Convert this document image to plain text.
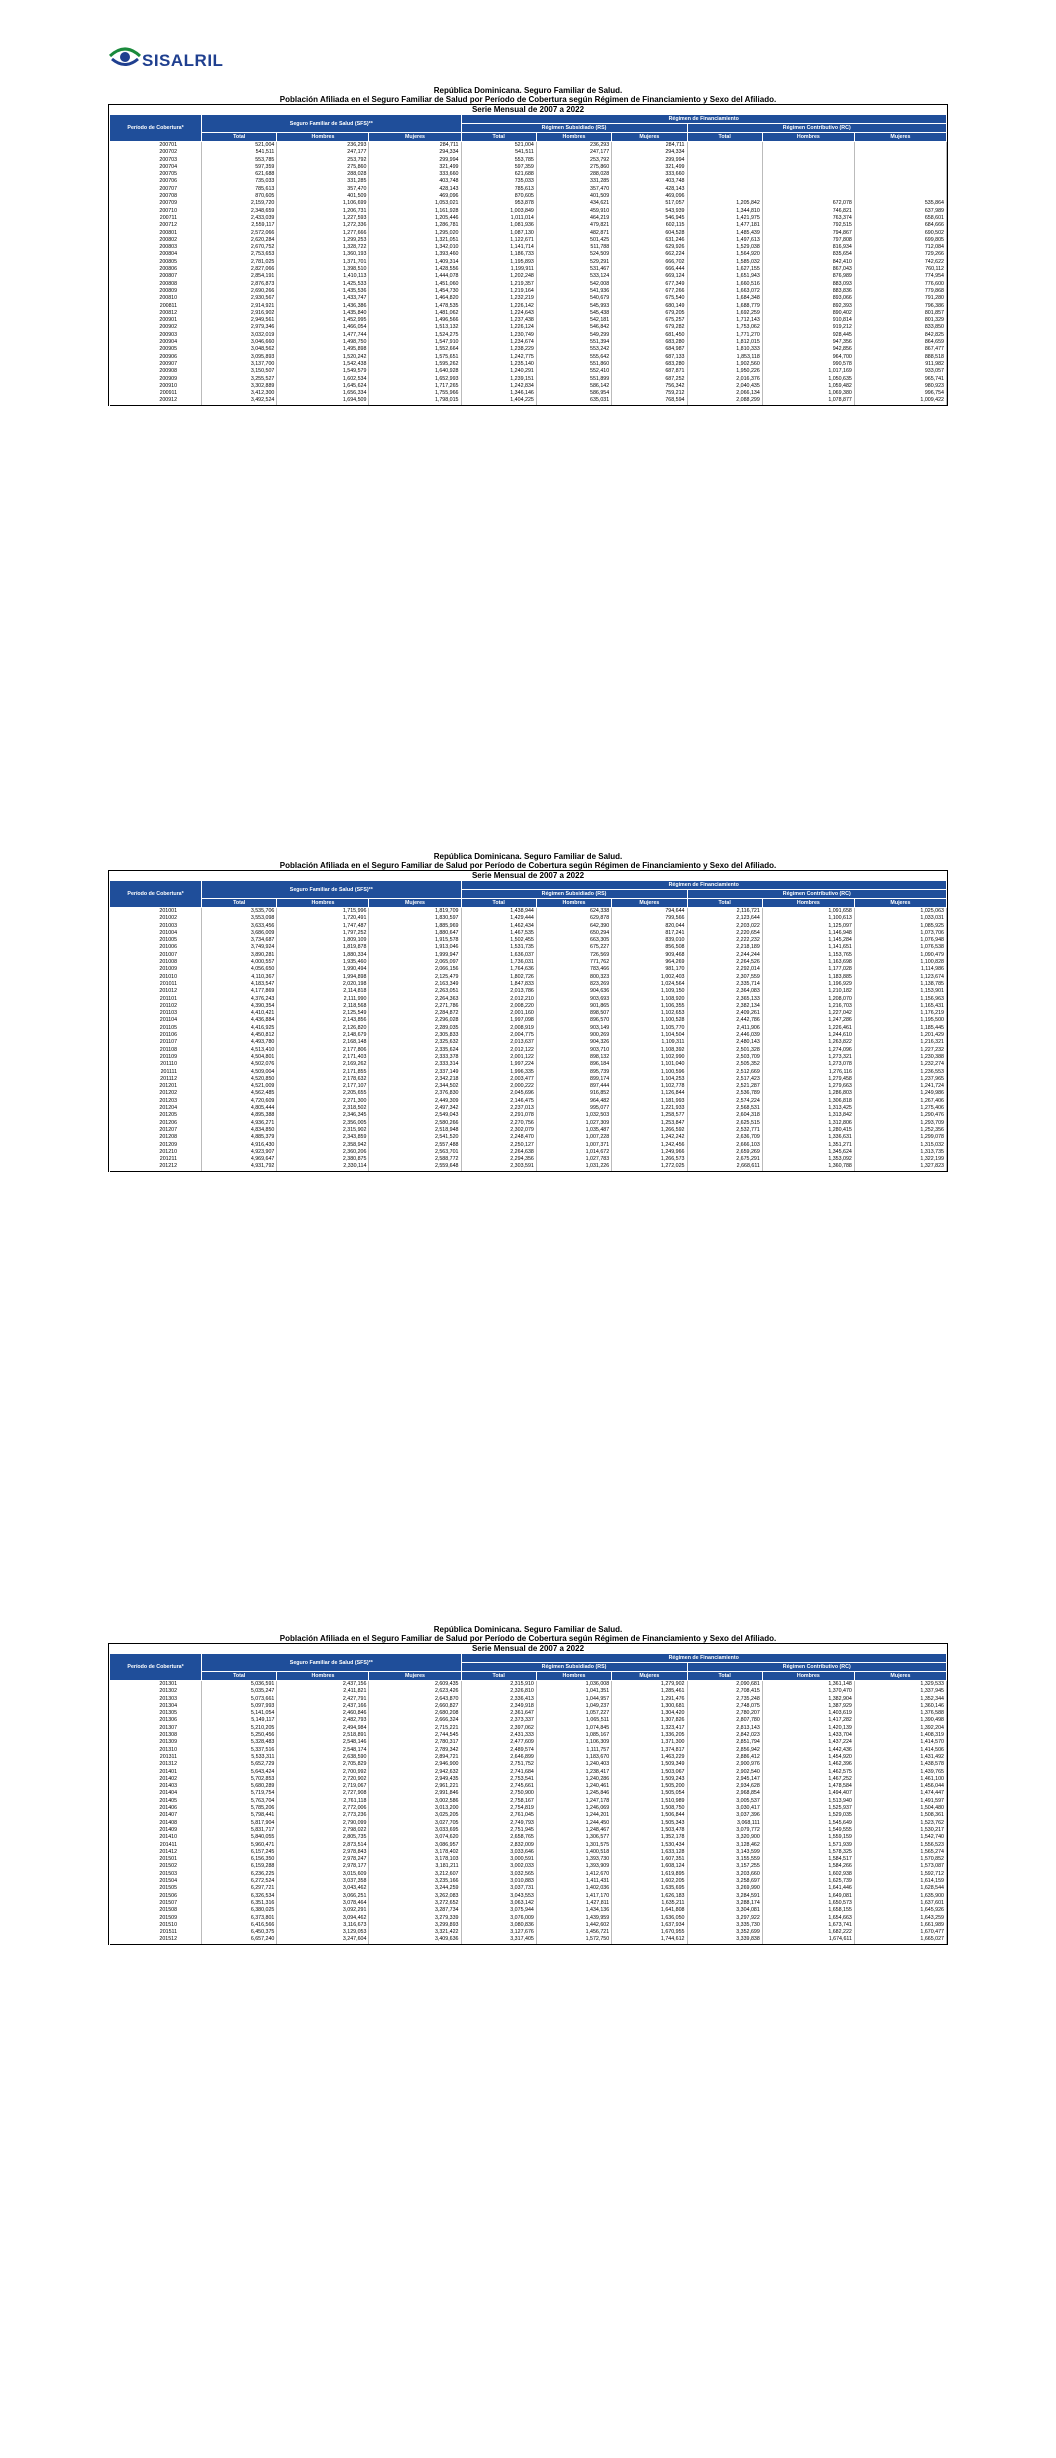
SISALRIL
República Dominicana. Seguro Familiar de Salud.
Población Afiliada en el Seguro Familiar de Salud por Período de Cobertura según Régimen de Financiamiento y Sexo del Afiliado.
Serie Mensual de 2007 a 2022
Período de Cobertura*	Seguro Familiar de Salud (SFS)**			Régimen de Financiamiento					
				Régimen Subsidiado (RS)			Régimen Contributivo (RC)		
	Total	Hombres	Mujeres	Total	Hombres	Mujeres	Total	Hombres	Mujeres
200701	521,004	236,293	284,711	521,004	236,293	284,711			
200702	541,511	247,177	294,334	541,511	247,177	294,334			
200703	553,785	253,792	299,994	553,785	253,792	299,994			
200704	597,359	275,860	321,499	597,359	275,860	321,499			
200705	621,688	288,028	333,660	621,688	288,028	333,660			
200706	735,033	331,285	403,748	735,033	331,285	403,748			
200707	785,613	357,470	428,143	785,613	357,470	428,143			
200708	870,605	401,509	469,096	870,605	401,509	469,096			
200709	2,159,720	1,106,699	1,053,021	953,878	434,621	517,057	1,205,842	672,078	535,864
200710	2,348,659	1,206,731	1,161,928	1,003,849	459,910	543,939	1,344,810	746,821	637,989
200711	2,433,039	1,227,593	1,205,446	1,011,014	464,219	546,945	1,421,975	763,374	658,601
200712	2,559,117	1,272,336	1,286,781	1,081,936	479,821	602,115	1,477,181	792,515	684,666
200801	2,572,066	1,277,666	1,295,020	1,087,130	482,871	604,528	1,485,439	794,867	690,502
200802	2,620,284	1,299,253	1,321,051	1,122,671	501,425	631,246	1,497,613	797,808	699,805
200803	2,670,752	1,328,722	1,342,010	1,141,714	511,788	629,926	1,529,038	816,934	712,084
200804	2,753,653	1,360,193	1,393,460	1,186,733	524,509	662,224	1,564,920	835,654	729,266
200805	2,781,025	1,371,701	1,409,314	1,195,893	529,291	666,702	1,585,032	842,410	742,622
200806	2,827,066	1,398,510	1,428,556	1,199,911	531,467	666,444	1,627,155	867,043	760,112
200807	2,854,191	1,410,113	1,444,078	1,202,248	533,124	669,124	1,651,943	876,989	774,954
200808	2,876,873	1,425,533	1,451,060	1,219,357	542,008	677,349	1,660,516	883,093	776,600
200809	2,690,266	1,435,536	1,454,730	1,219,164	541,936	677,266	1,663,072	883,836	779,868
200810	2,930,567	1,433,747	1,464,820	1,232,219	540,679	675,540	1,684,348	893,066	791,280
200811	2,914,921	1,436,386	1,478,535	1,226,142	545,993	680,149	1,688,779	892,393	796,386
200812	2,916,902	1,435,840	1,481,062	1,224,643	545,438	679,205	1,692,259	890,402	801,857
200901	2,949,561	1,452,995	1,496,566	1,237,438	542,181	675,257	1,712,143	910,814	801,329
200902	2,979,346	1,466,054	1,513,132	1,226,124	546,842	679,282	1,753,062	919,212	833,850
200903	3,032,019	1,477,744	1,524,275	1,230,749	549,299	681,450	1,771,270	928,445	842,825
200904	3,046,660	1,498,750	1,547,910	1,234,674	551,394	683,280	1,812,015	947,356	864,659
200905	3,048,562	1,495,898	1,552,664	1,238,229	553,242	684,987	1,810,333	942,856	867,477
200906	3,095,893	1,520,242	1,575,651	1,242,775	555,642	687,133	1,853,118	964,700	888,518
200907	3,137,700	1,542,438	1,595,262	1,235,140	551,860	683,280	1,902,560	990,578	911,982
200908	3,150,507	1,549,579	1,640,928	1,240,291	552,410	687,871	1,950,226	1,017,169	933,057
200909	3,255,527	1,602,534	1,652,993	1,239,151	551,899	687,252	2,016,376	1,050,635	965,741
200910	3,302,889	1,645,624	1,717,265	1,242,834	586,142	756,342	2,040,435	1,059,482	980,923
200911	3,412,300	1,656,334	1,755,966	1,346,146	586,954	759,212	2,066,134	1,069,380	996,754
200912	3,492,524	1,694,509	1,798,015	1,404,225	635,031	768,594	2,088,299	1,078,877	1,009,422
República Dominicana. Seguro Familiar de Salud.
Población Afiliada en el Seguro Familiar de Salud por Período de Cobertura según Régimen de Financiamiento y Sexo del Afiliado.
Serie Mensual de 2007 a 2022
Período de Cobertura*	Seguro Familiar de Salud (SFS)**			Régimen de Financiamiento					
				Régimen Subsidiado (RS)			Régimen Contributivo (RC)		
	Total	Hombres	Mujeres	Total	Hombres	Mujeres	Total	Hombres	Mujeres
201001	3,535,706	1,715,996	1,819,709	1,438,944	624,338	794,644	2,116,721	1,091,658	1,025,063
201002	3,553,098	1,720,491	1,830,597	1,429,444	629,878	799,566	2,123,644	1,100,613	1,033,031
201003	3,633,456	1,747,487	1,885,969	1,462,434	642,390	820,044	2,203,022	1,125,097	1,085,925
201004	3,686,009	1,797,252	1,880,647	1,467,535	650,294	817,241	2,220,654	1,146,948	1,073,706
201005	3,734,687	1,809,109	1,915,578	1,502,455	663,305	839,010	2,222,232	1,145,284	1,076,948
201006	3,749,924	1,819,878	1,913,046	1,531,735	675,227	856,508	2,218,189	1,141,651	1,076,538
201007	3,890,281	1,880,334	1,999,947	1,636,037	726,569	909,468	2,244,244	1,153,765	1,090,479
201008	4,000,557	1,935,460	2,065,097	1,736,031	771,762	964,269	2,264,526	1,163,698	1,100,828
201009	4,056,650	1,990,494	2,066,156	1,764,636	783,466	981,170	2,292,014	1,177,028	1,114,986
201010	4,110,367	1,994,898	2,125,479	1,802,726	800,323	1,002,403	2,307,559	1,183,885	1,123,674
201011	4,183,547	2,020,198	2,163,349	1,847,833	823,269	1,024,564	2,335,714	1,196,929	1,138,785
201012	4,177,869	2,114,818	2,263,051	2,013,786	904,636	1,109,150	2,364,083	1,210,182	1,153,901
201101	4,376,243	2,111,990	2,264,363	2,012,210	903,693	1,108,920	2,365,133	1,208,070	1,156,963
201102	4,390,354	2,118,568	2,271,786	2,008,220	901,865	1,106,355	2,382,134	1,216,703	1,165,431
201103	4,410,421	2,125,549	2,284,872	2,001,160	898,507	1,102,653	2,409,261	1,227,042	1,176,219
201104	4,436,884	2,143,856	2,296,028	1,997,098	896,570	1,100,528	2,442,786	1,247,286	1,195,500
201105	4,416,925	2,126,820	2,289,035	2,008,919	903,149	1,105,770	2,411,906	1,226,461	1,185,445
201106	4,450,812	2,148,679	2,305,833	2,004,775	900,269	1,104,504	2,446,039	1,244,610	1,201,429
201107	4,493,780	2,168,148	2,325,632	2,013,637	904,326	1,109,311	2,480,143	1,263,822	1,216,321
201108	4,513,410	2,177,806	2,335,624	2,012,122	903,710	1,108,392	2,501,328	1,274,096	1,227,232
201109	4,504,801	2,171,403	2,333,378	2,001,122	898,132	1,102,990	2,503,709	1,273,321	1,230,388
201110	4,502,076	2,169,262	2,333,314	1,997,224	896,184	1,101,040	2,505,352	1,273,078	1,232,274
201111	4,509,004	2,171,855	2,337,149	1,996,335	895,739	1,100,596	2,512,669	1,276,116	1,236,553
201112	4,520,850	2,178,632	2,342,218	2,003,477	899,174	1,104,253	2,517,423	1,279,458	1,237,965
201201	4,521,009	2,177,107	2,344,502	2,000,222	897,444	1,102,778	2,521,287	1,279,663	1,241,724
201202	4,562,485	2,205,655	2,376,830	2,045,696	916,852	1,126,844	2,536,789	1,286,803	1,249,986
201203	4,720,609	2,271,300	2,449,309	2,146,475	964,482	1,181,993	2,574,224	1,306,818	1,267,406
201204	4,805,444	2,318,502	2,497,342	2,237,013	995,077	1,221,933	2,568,531	1,313,425	1,275,406
201205	4,895,388	2,346,345	2,549,043	2,291,078	1,032,503	1,258,577	2,604,318	1,313,842	1,290,476
201206	4,936,271	2,356,005	2,580,266	2,270,756	1,027,309	1,253,847	2,625,515	1,312,806	1,293,709
201207	4,834,850	2,315,902	2,518,948	2,302,079	1,035,487	1,266,592	2,532,771	1,280,415	1,252,356
201208	4,885,379	2,343,859	2,541,520	2,248,470	1,007,228	1,242,242	2,636,709	1,336,631	1,299,078
201209	4,916,430	2,358,942	2,557,488	2,250,127	1,007,371	1,242,456	2,666,103	1,351,271	1,315,032
201210	4,923,907	2,360,206	2,563,701	2,264,638	1,014,672	1,249,966	2,659,269	1,345,624	1,313,735
201211	4,969,647	2,380,875	2,588,772	2,294,356	1,027,783	1,266,573	2,675,291	1,353,092	1,322,199
201212	4,931,792	2,330,114	2,559,648	2,303,591	1,031,226	1,272,025	2,668,611	1,360,788	1,327,823
República Dominicana. Seguro Familiar de Salud.
Población Afiliada en el Seguro Familiar de Salud por Período de Cobertura según Régimen de Financiamiento y Sexo del Afiliado.
Serie Mensual de 2007 a 2022
Período de Cobertura*	Seguro Familiar de Salud (SFS)**			Régimen de Financiamiento					
				Régimen Subsidiado (RS)			Régimen Contributivo (RC)		
	Total	Hombres	Mujeres	Total	Hombres	Mujeres	Total	Hombres	Mujeres
201301	5,036,591	2,437,156	2,609,435	2,315,910	1,036,008	1,279,902	2,090,681	1,361,148	1,329,533
201302	5,035,247	2,411,821	2,623,426	2,326,810	1,041,351	1,285,461	2,708,415	1,370,470	1,337,945
201303	5,073,661	2,427,791	2,643,870	2,336,413	1,044,957	1,291,476	2,735,248	1,382,904	1,352,344
201304	5,097,993	2,437,166	2,660,827	2,349,918	1,049,237	1,300,681	2,748,075	1,387,929	1,360,146
201305	5,141,054	2,460,846	2,680,208	2,361,647	1,057,227	1,304,420	2,780,207	1,403,619	1,376,588
201306	5,149,117	2,482,793	2,666,324	2,373,337	1,065,511	1,307,826	2,807,780	1,417,282	1,390,498
201307	5,210,205	2,494,984	2,715,221	2,397,062	1,074,845	1,323,417	2,813,143	1,420,139	1,392,204
201308	5,250,456	2,518,891	2,744,545	2,431,333	1,085,167	1,336,205	2,842,023	1,433,704	1,408,319
201309	5,328,483	2,548,146	2,780,317	2,477,609	1,106,309	1,371,300	2,851,794	1,437,224	1,414,570
201310	5,337,516	2,548,174	2,789,342	2,489,574	1,111,757	1,374,817	2,856,942	1,442,436	1,414,506
201311	5,533,311	2,638,590	2,894,721	2,646,899	1,183,670	1,463,229	2,886,412	1,454,920	1,431,492
201312	5,652,729	2,705,829	2,946,900	2,751,752	1,240,403	1,509,349	2,900,976	1,462,396	1,438,578
201401	5,643,424	2,700,992	2,942,632	2,741,684	1,238,417	1,503,067	2,902,540	1,462,575	1,439,765
201402	5,702,853	2,720,902	2,949,435	2,753,541	1,240,286	1,509,243	2,945,147	1,467,252	1,461,100
201403	5,680,289	2,719,067	2,961,221	2,745,661	1,240,461	1,505,200	2,934,628	1,478,584	1,456,044
201404	5,719,754	2,727,908	2,991,846	2,750,900	1,245,846	1,505,054	2,968,854	1,494,407	1,474,447
201405	5,763,704	2,761,118	3,002,586	2,758,167	1,247,178	1,510,989	3,005,537	1,513,940	1,491,597
201406	5,785,206	2,772,006	3,013,200	2,754,819	1,246,069	1,508,750	3,030,417	1,525,937	1,504,480
201407	5,798,441	2,773,236	3,025,205	2,761,045	1,244,201	1,506,844	3,037,396	1,529,035	1,508,361
201408	5,817,904	2,790,099	3,027,705	2,749,793	1,244,450	1,505,343	3,068,111	1,545,649	1,523,762
201409	5,831,717	2,798,022	3,033,695	2,751,945	1,248,467	1,503,478	3,079,772	1,549,555	1,530,217
201410	5,840,055	2,805,735	3,074,620	2,658,765	1,306,577	1,352,178	3,320,900	1,559,159	1,542,740
201411	5,960,471	2,873,514	3,086,957	2,832,009	1,301,575	1,530,434	3,128,462	1,571,939	1,556,523
201412	6,157,245	2,978,843	3,178,402	3,033,646	1,400,518	1,633,128	3,143,599	1,578,325	1,565,274
201501	6,156,350	2,978,247	3,178,103	3,000,591	1,393,730	1,607,351	3,155,559	1,584,517	1,570,852
201502	6,159,288	2,978,177	3,181,211	3,002,033	1,393,909	1,608,124	3,157,255	1,584,266	1,573,087
201503	6,236,225	3,015,609	3,212,607	3,032,565	1,412,670	1,619,895	3,203,660	1,602,938	1,592,712
201504	6,272,524	3,037,358	3,235,166	3,010,883	1,411,431	1,602,205	3,258,697	1,625,739	1,614,159
201505	6,297,721	3,043,462	3,244,259	3,037,731	1,402,036	1,635,695	3,269,990	1,641,446	1,628,544
201506	6,326,534	3,066,251	3,262,083	3,043,553	1,417,170	1,626,183	3,284,591	1,649,081	1,635,900
201507	6,351,316	3,078,464	3,272,652	3,063,142	1,427,811	1,635,211	3,288,174	1,650,573	1,637,601
201508	6,380,025	3,092,291	3,287,734	3,075,944	1,434,136	1,641,808	3,304,081	1,658,155	1,645,926
201509	6,373,801	3,094,462	3,279,339	3,076,009	1,439,959	1,636,050	3,297,922	1,654,663	1,643,259
201510	6,416,566	3,116,673	3,299,893	3,080,836	1,442,602	1,637,934	3,335,730	1,673,741	1,661,989
201511	6,450,375	3,129,053	3,321,422	3,127,676	1,456,721	1,670,955	3,352,699	1,682,222	1,670,477
201512	6,657,240	3,247,604	3,409,636	3,317,405	1,572,750	1,744,612	3,339,838	1,674,611	1,665,027
